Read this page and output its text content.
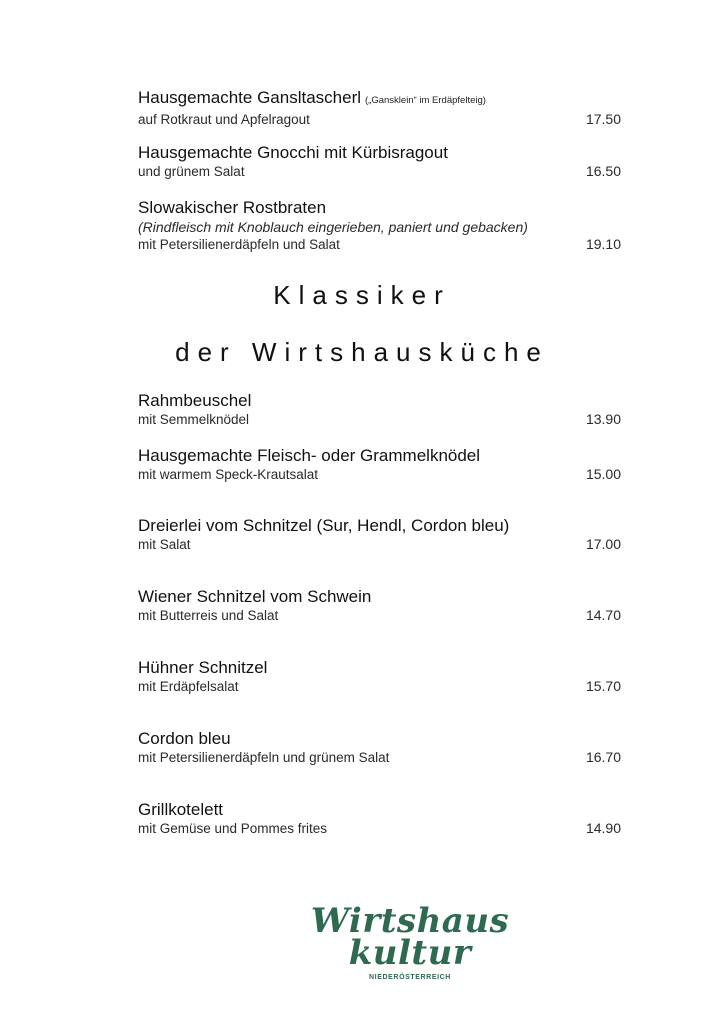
Hausgemachte Gansltascherl („Gansklein“ im Erdäpfelteig)
auf Rotkraut und Apfelragout	17.50
Hausgemachte Gnocchi mit Kürbisragout
und grünem Salat	16.50
Slowakischer Rostbraten
(Rindfleisch mit Knoblauch eingerieben, paniert und gebacken)
mit Petersilienerdäpfeln und Salat	19.10
Klassiker
der Wirtshausküche
Rahmbeuschel
mit Semmelknödel	13.90
Hausgemachte Fleisch- oder Grammelknödel
mit warmem Speck-Krautsalat	15.00
Dreierlei vom Schnitzel (Sur, Hendl, Cordon bleu)
mit Salat	17.00
Wiener Schnitzel vom Schwein
mit Butterreis und Salat	14.70
Hühner Schnitzel
mit Erdäpfelsalat	15.70
Cordon bleu
mit Petersilienerdäpfeln und grünem Salat	16.70
Grillkotelett
mit Gemüse und Pommes frites	14.90
Wirtshaus
kultur
NIEDERÖSTERREICH
